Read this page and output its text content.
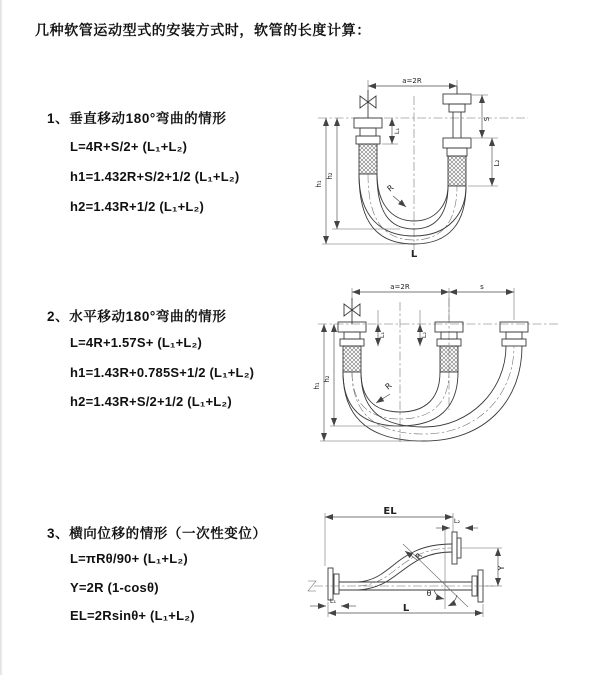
几种软管运动型式的安装方式时，软管的长度计算：
1、垂直移动180°弯曲的情形
L=4R+S/2+ (L₁+L₂)
h1=1.432R+S/2+1/2 (L₁+L₂)
h2=1.43R+1/2 (L₁+L₂)
a=2R
S
L₂
h₁
h₂
L₁
R
L
2、水平移动180°弯曲的情形
L=4R+1.57S+ (L₁+L₂)
h1=1.43R+0.785S+1/2 (L₁+L₂)
h2=1.43R+S/2+1/2 (L₁+L₂)
a=2R	s
L₁	L₂
h₁
h₂
R
3、横向位移的情形（一次性变位）
L=πRθ/90+ (L₁+L₂)
Y=2R (1-cosθ)
EL=2Rsinθ+ (L₁+L₂)
EL
L₂
Y
θ
R
L
L₁
